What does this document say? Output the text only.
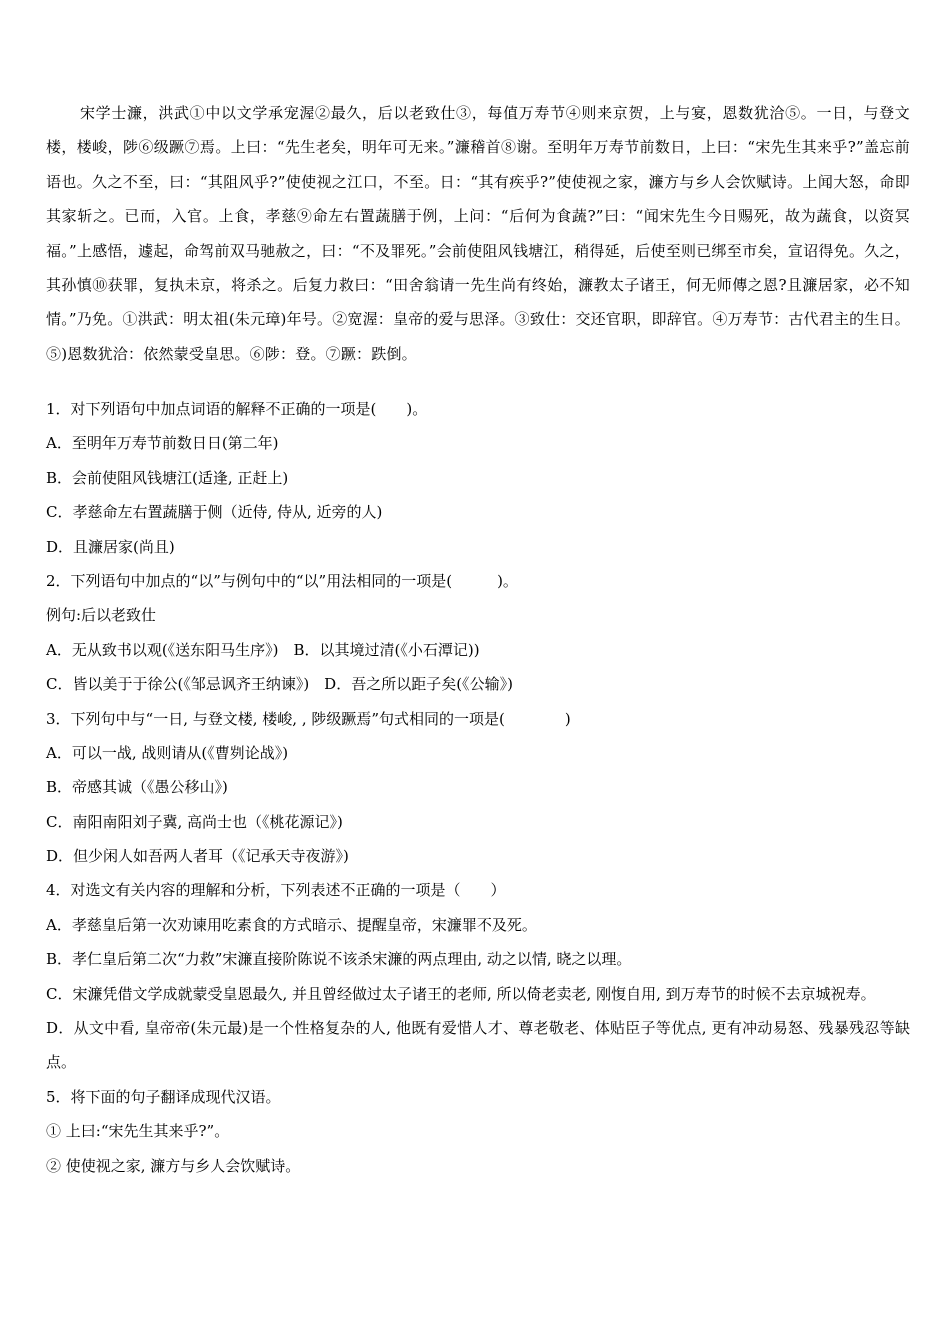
宋学士濂，洪武①中以文学承宠渥②最久，后以老致仕③，每值万寿节④则来京贺，上与宴，恩数犹洽⑤。一日，与登文楼，楼峻，陟⑥级蹶⑦焉。上曰：“先生老矣，明年可无来。”濂稽首⑧谢。至明年万寿节前数日，上曰：“宋先生其来乎?”盖忘前语也。久之不至，曰：“其阻风乎?”使使视之江口，不至。日：“其有疾乎?”使使视之家，濂方与乡人会饮赋诗。上闻大怒，命即其家斩之。已而，入官。上食，孝慈⑨命左右置蔬膳于例，上问：“后何为食蔬?”曰：“闻宋先生今日赐死，故为蔬食，以资冥福。”上感悟，遽起，命驾前双马驰赦之，曰：“不及罪死。”会前使阻风钱塘江，稍得延，后使至则已绑至市矣，宣诏得免。久之，其孙慎⑩获罪，复执未京，将杀之。后复力救曰：“田舍翁请一先生尚有终始，濂教太子诸王，何无师傳之恩?且濂居家，必不知情。”乃免。①洪武：明太祖(朱元璋)年号。②宽渥：皇帝的爱与思泽。③致仕：交还官职，即辞官。④万寿节：古代君主的生日。⑤)恩数犹洽：依然蒙受皇思。⑥陟：登。⑦蹶：跌倒。

1．对下列语句中加点词语的解释不正确的一项是(　　)。

A．至明年万寿节前数日日(第二年)

B．会前使阻风钱塘江(适逢, 正赶上)

C．孝慈命左右置蔬膳于侧（近侍, 侍从, 近旁的人)

D．且濂居家(尚且)

2．下列语句中加点的“以”与例句中的“以”用法相同的一项是(　　　)。

例句:后以老致仕

A．无从致书以观(《送东阳马生序》)　B．以其境过清(《小石潭记))

C．皆以美于于徐公(《邹忌讽齐王纳谏》)　D．吾之所以距子矣(《公输》)

3．下列句中与“一日, 与登文楼, 楼峻, , 陟级蹶焉”句式相同的一项是(　　　　)

A．可以一战, 战则请从(《曹刿论战》)

B．帝感其诚（《愚公移山》)

C．南阳南阳刘子冀, 高尚士也（《桃花源记》)

D．但少闲人如吾两人者耳（《记承天寺夜游》)

4．对选文有关内容的理解和分析，下列表述不正确的一项是（　　）

A．孝慈皇后第一次劝谏用吃素食的方式暗示、提醒皇帝，宋濂罪不及死。

B．孝仁皇后第二次“力救”宋濂直接阶陈说不该杀宋濂的两点理由, 动之以情, 晓之以理。

C．宋濂凭借文学成就蒙受皇恩最久, 并且曾经做过太子诸王的老师, 所以倚老卖老, 刚愎自用, 到万寿节的时候不去京城祝寿。

D．从文中看, 皇帝帝(朱元最)是一个性格复杂的人, 他既有爱惜人才、尊老敬老、体贴臣子等优点, 更有冲动易怒、残暴残忍等缺点。

5．将下面的句子翻译成现代汉语。

① 上曰:“宋先生其来乎?”。

② 使使视之家, 濂方与乡人会饮赋诗。
